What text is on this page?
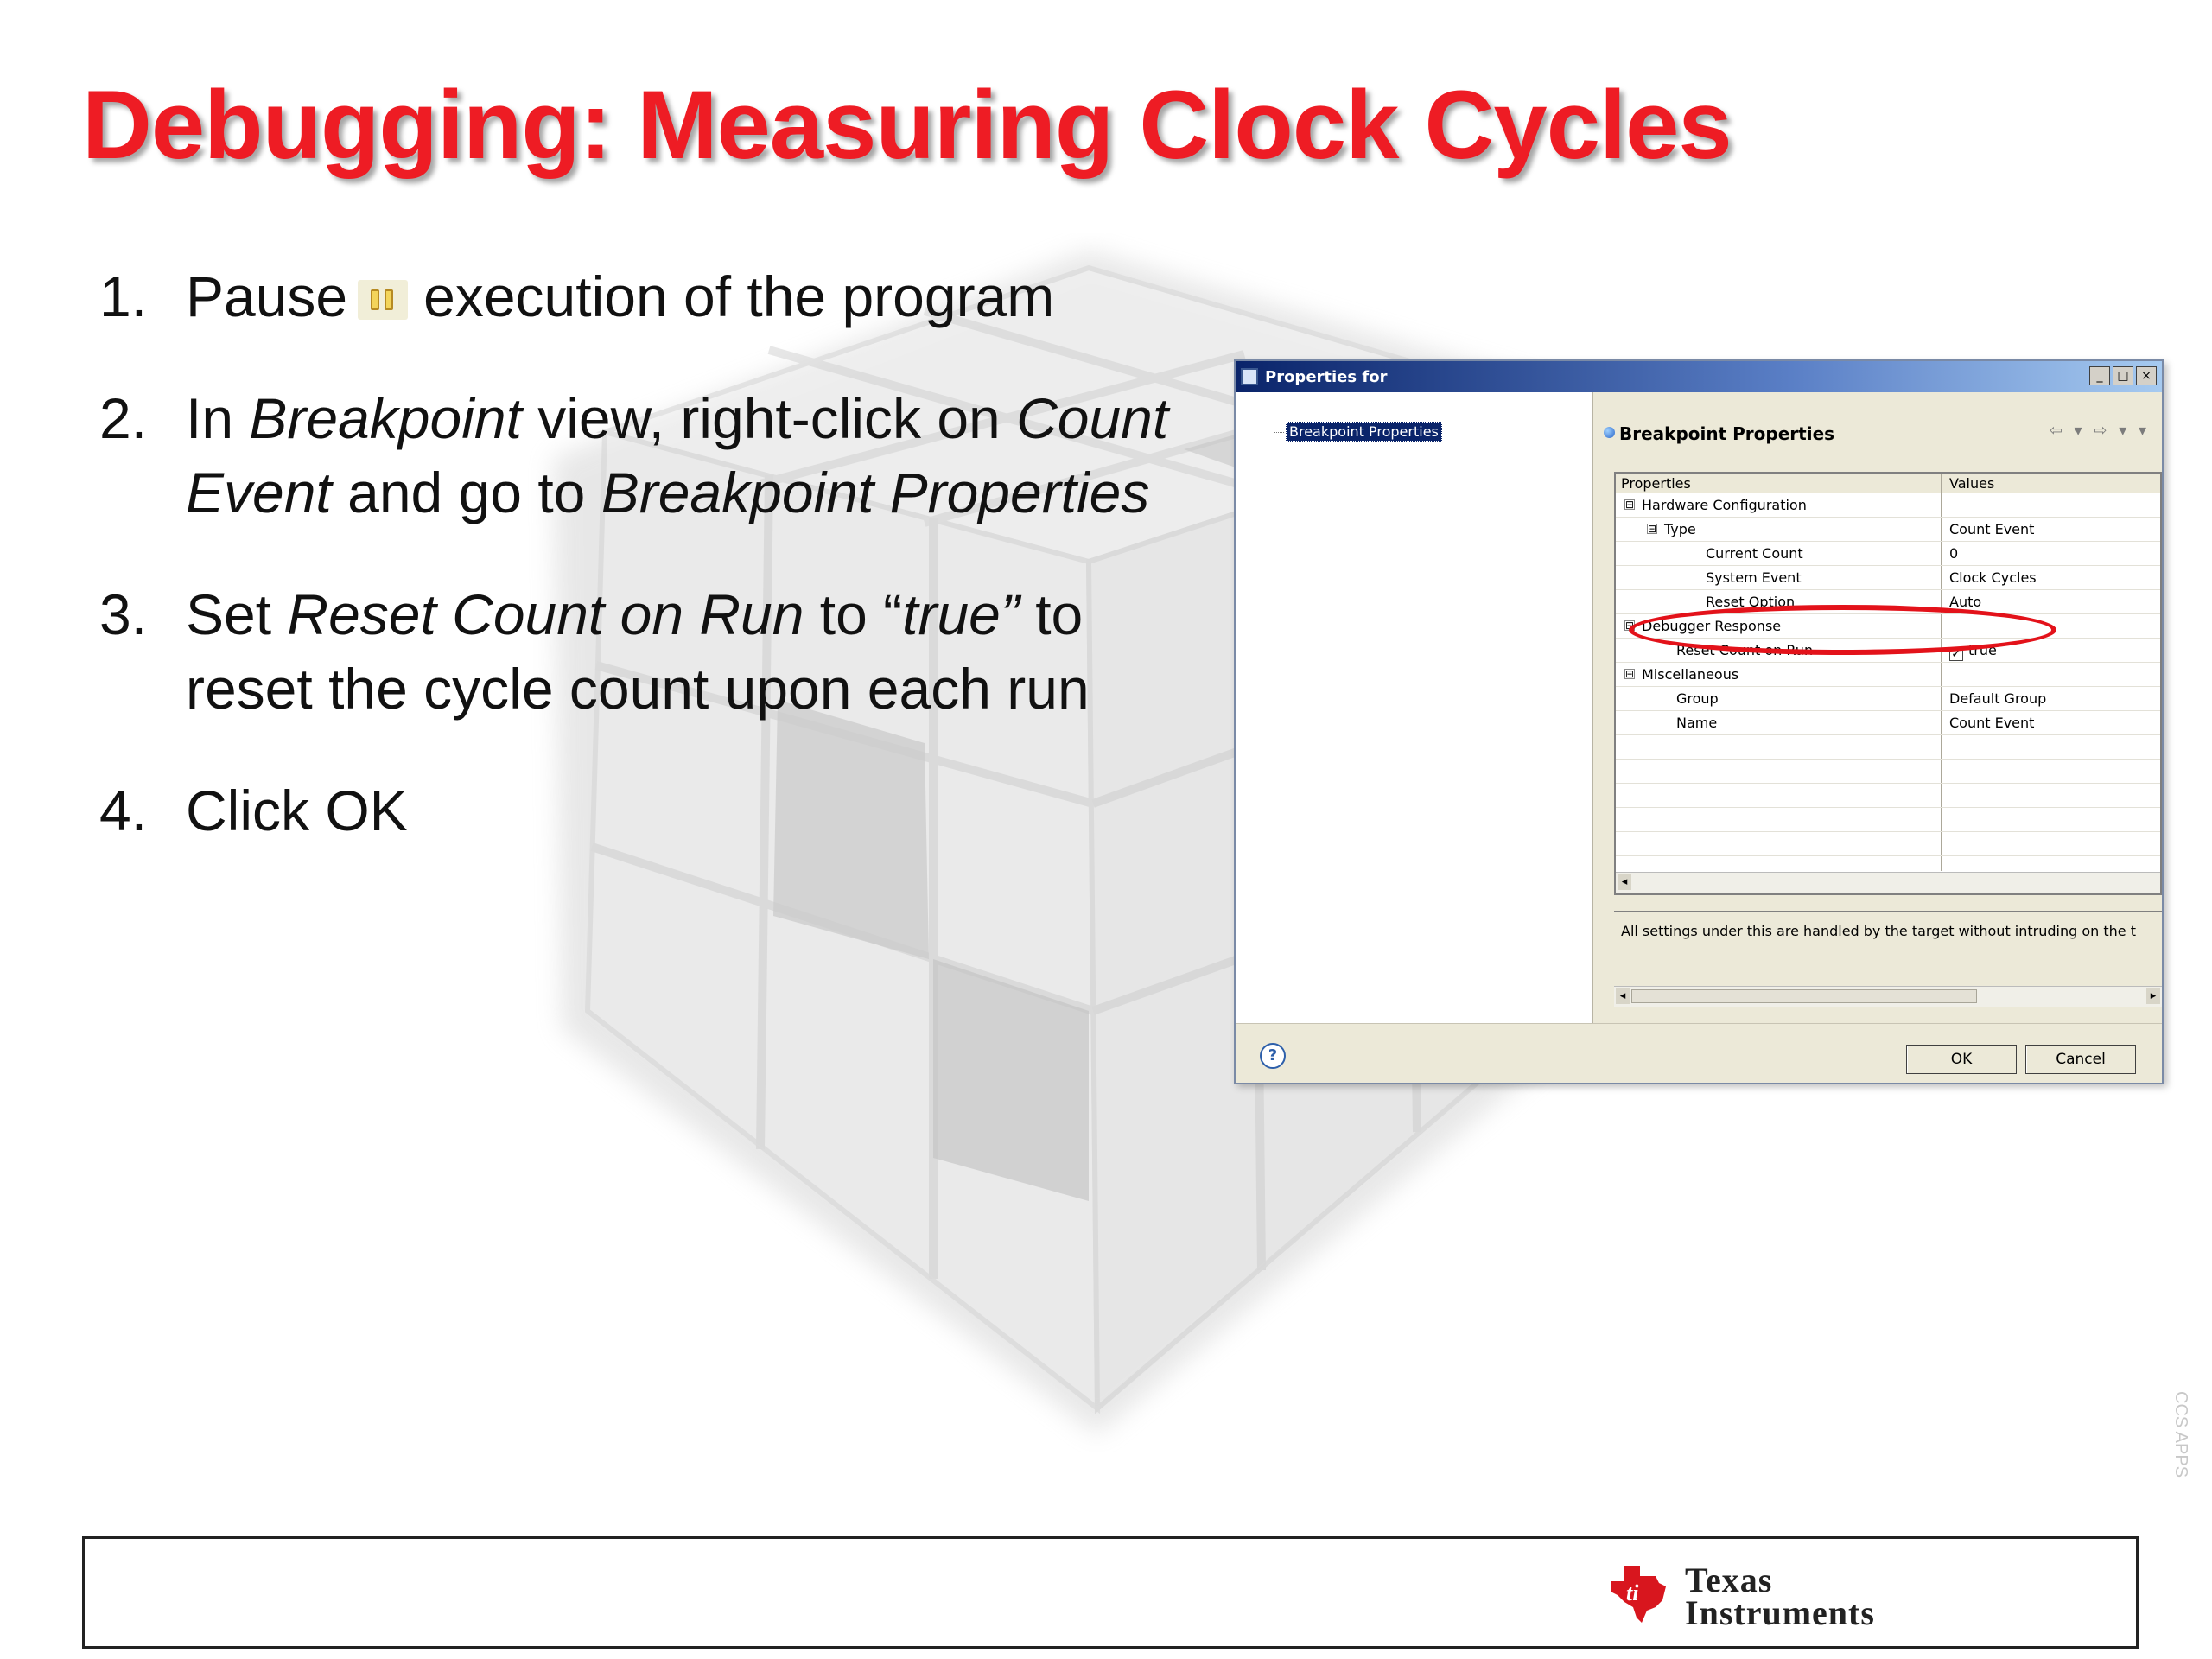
Debugging: Measuring Clock Cycles
1. Pause execution of the program
2. In Breakpoint view, right-click on Count Event and go to Breakpoint Properties
3. Set Reset Count on Run to “true” to reset the cycle count upon each run
4. Click OK
Properties for	_	□	×
Breakpoint Properties	Breakpoint Properties	⇦ ▾ ⇨ ▾ ▾
Properties	Values
⊟ Hardware Configuration
⊟ Type	Count Event
Current Count	0
System Event	Clock Cycles
Reset Option	Auto
⊟ Debugger Response
Reset Count on Run	✓ true
⊟ Miscellaneous
Group	Default Group
Name	Count Event
◂
All settings under this are handled by the target without intruding on the t
◂	▸
?	OK	Cancel
CCS APPS
ti Texas
Instruments
